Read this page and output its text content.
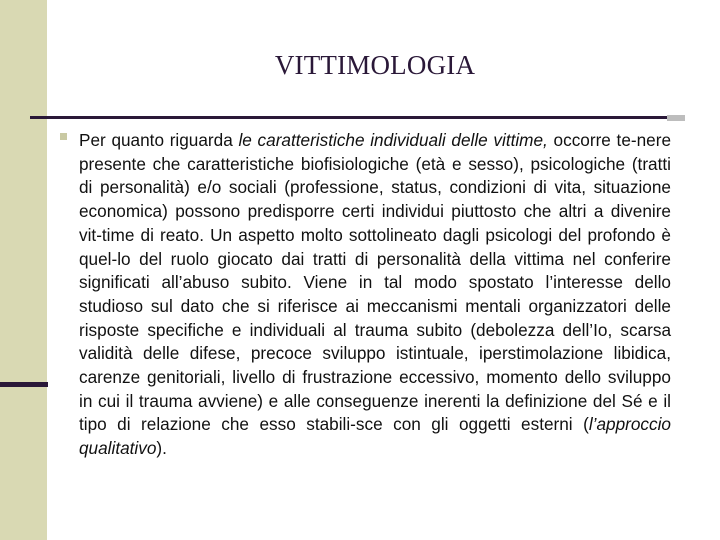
VITTIMOLOGIA

Per quanto riguarda le caratteristiche individuali delle vittime, occorre te-nere presente che caratteristiche biofisiologiche (età e sesso), psicologiche (tratti di personalità) e/o sociali (professione, status, condizioni di vita, situazione economica) possono predisporre certi individui piuttosto che altri a divenire vit-time di reato. Un aspetto molto sottolineato dagli psicologi del profondo è quel-lo del ruolo giocato dai tratti di personalità della vittima nel conferire significati all’abuso subito. Viene in tal modo spostato l’interesse dello studioso sul dato che si riferisce ai meccanismi mentali organizzatori delle risposte specifiche e individuali al trauma subito (debolezza dell’Io, scarsa validità delle difese, precoce sviluppo istintuale, iperstimolazione libidica, carenze genitoriali, livello di frustrazione eccessivo, momento dello sviluppo in cui il trauma avviene) e alle conseguenze inerenti la definizione del Sé e il tipo di relazione che esso stabili-sce con gli oggetti esterni (l’approccio qualitativo).
